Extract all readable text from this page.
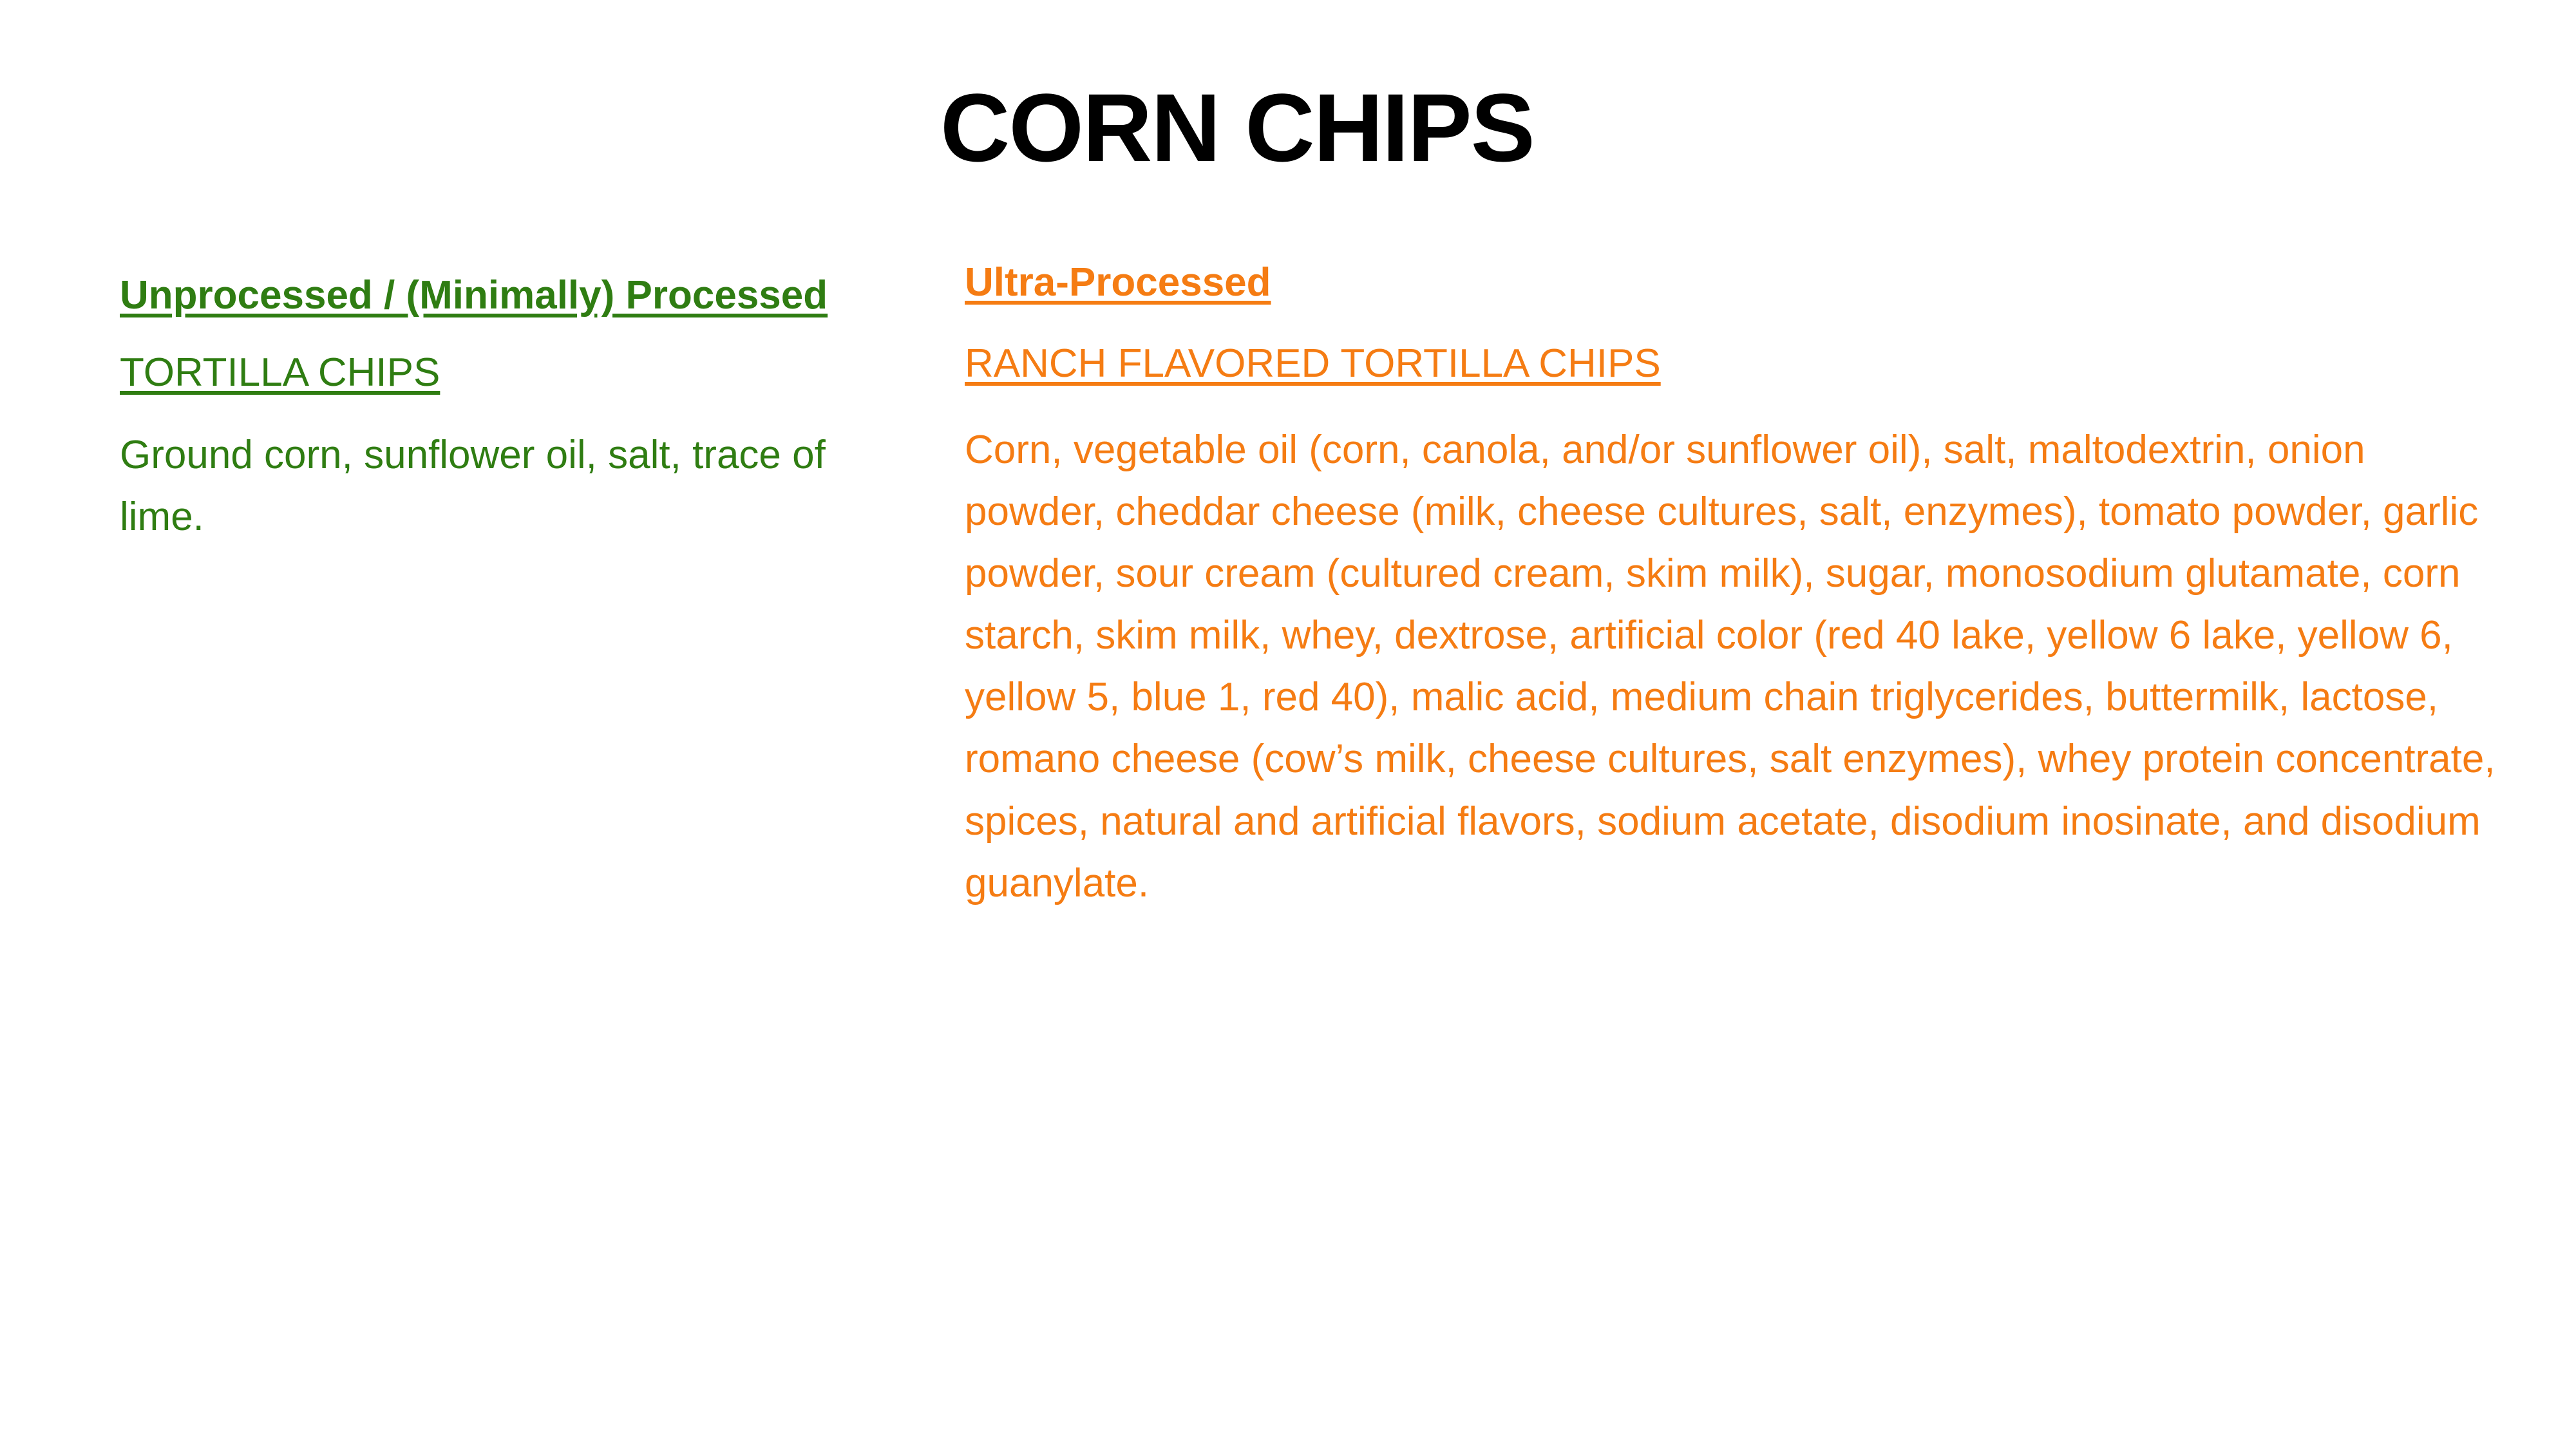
CORN CHIPS
Unprocessed / (Minimally) Processed
TORTILLA CHIPS
Ground corn, sunflower oil, salt, trace of lime.
Ultra-Processed
RANCH FLAVORED TORTILLA CHIPS
Corn, vegetable oil (corn, canola, and/or sunflower oil), salt, maltodextrin, onion powder, cheddar cheese (milk, cheese cultures, salt, enzymes), tomato powder, garlic powder, sour cream (cultured cream, skim milk), sugar, monosodium glutamate, corn starch, skim milk, whey, dextrose, artificial color (red 40 lake, yellow 6 lake, yellow 6, yellow 5, blue 1, red 40), malic acid, medium chain triglycerides, buttermilk, lactose, romano cheese (cow’s milk, cheese cultures, salt enzymes), whey protein concentrate, spices, natural and artificial flavors, sodium acetate, disodium inosinate, and disodium guanylate.
